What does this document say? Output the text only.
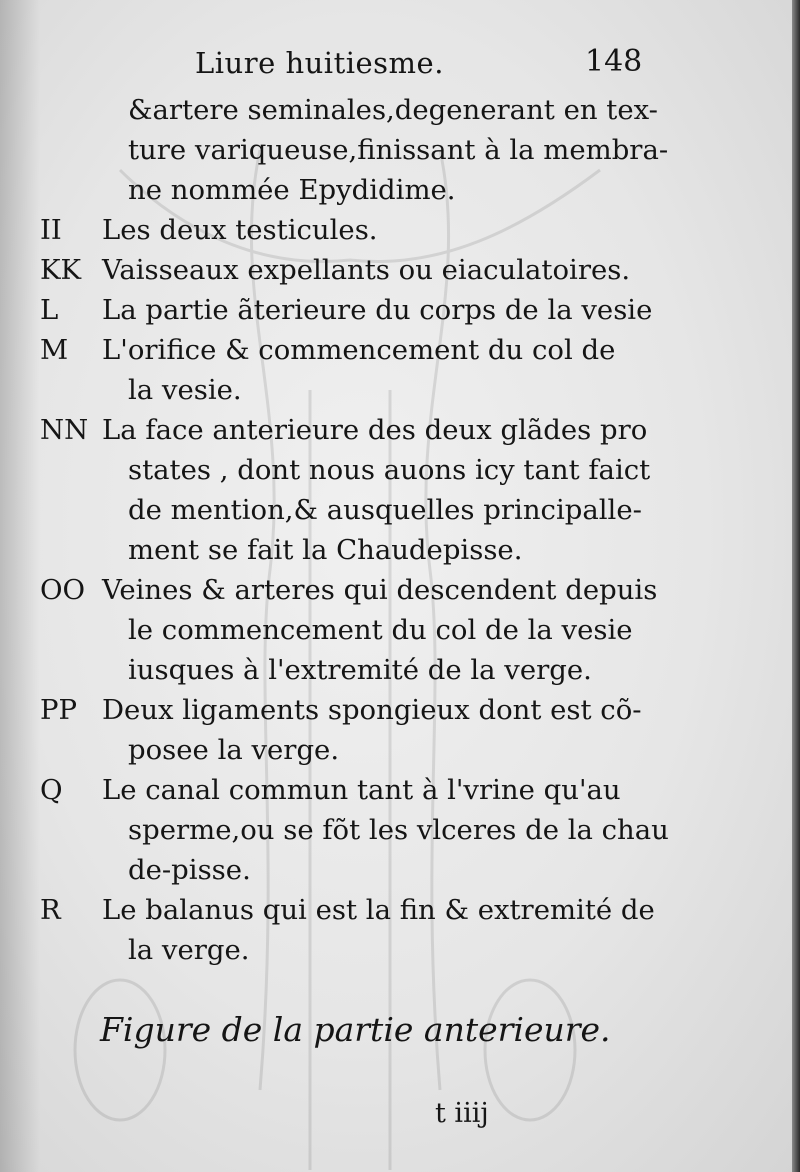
Liure huitiesme.	148
&artere seminales,degenerant en tex-
ture variqueuse,finissant à la membra-
ne nommée Epydidime.
II	Les deux testicules.
KK Vaisseaux expellants ou eiaculatoires.
L	La partie ãterieure du corps de la vesie
M	L'orifice & commencement du col de
la vesie.
NN La face anterieure des deux glãdes pro
states , dont nous auons icy tant faict
de mention,& ausquelles principalle-
ment se fait la Chaudepisse.
OO Veines & arteres qui descendent depuis
le commencement du col de la vesie
iusques à l'extremité de la verge.
PP Deux ligaments spongieux dont est cõ-
posee la verge.
Q	Le canal commun tant à l'vrine qu'au
sperme,ou se fõt les vlceres de la chau
de-pisse.
R	Le balanus qui est la fin & extremité de
la verge.
Figure de la partie anterieure.
t iiij
